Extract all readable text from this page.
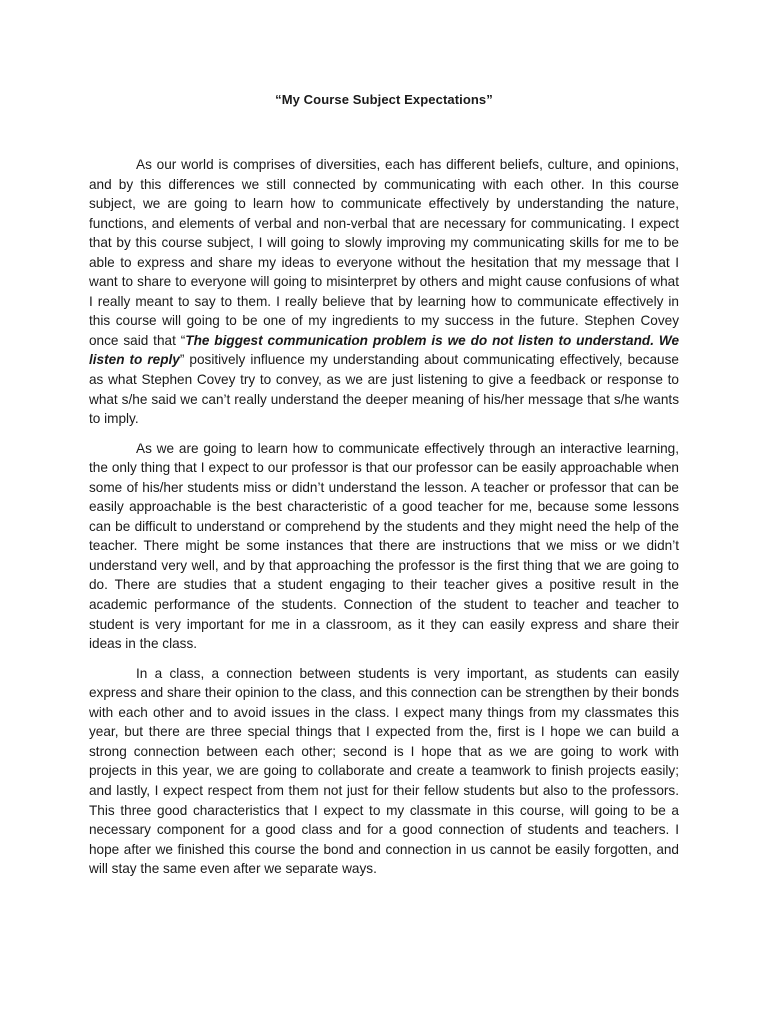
“My Course Subject Expectations”

As our world is comprises of diversities, each has different beliefs, culture, and opinions, and by this differences we still connected by communicating with each other. In this course subject, we are going to learn how to communicate effectively by understanding the nature, functions, and elements of verbal and non-verbal that are necessary for communicating. I expect that by this course subject, I will going to slowly improving my communicating skills for me to be able to express and share my ideas to everyone without the hesitation that my message that I want to share to everyone will going to misinterpret by others and might cause confusions of what I really meant to say to them. I really believe that by learning how to communicate effectively in this course will going to be one of my ingredients to my success in the future. Stephen Covey once said that “The biggest communication problem is we do not listen to understand. We listen to reply” positively influence my understanding about communicating effectively, because as what Stephen Covey try to convey, as we are just listening to give a feedback or response to what s/he said we can’t really understand the deeper meaning of his/her message that s/he wants to imply.

As we are going to learn how to communicate effectively through an interactive learning, the only thing that I expect to our professor is that our professor can be easily approachable when some of his/her students miss or didn’t understand the lesson. A teacher or professor that can be easily approachable is the best characteristic of a good teacher for me, because some lessons can be difficult to understand or comprehend by the students and they might need the help of the teacher. There might be some instances that there are instructions that we miss or we didn’t understand very well, and by that approaching the professor is the first thing that we are going to do. There are studies that a student engaging to their teacher gives a positive result in the academic performance of the students. Connection of the student to teacher and teacher to student is very important for me in a classroom, as it they can easily express and share their ideas in the class.

In a class, a connection between students is very important, as students can easily express and share their opinion to the class, and this connection can be strengthen by their bonds with each other and to avoid issues in the class. I expect many things from my classmates this year, but there are three special things that I expected from the, first is I hope we can build a strong connection between each other; second is I hope that as we are going to work with projects in this year, we are going to collaborate and create a teamwork to finish projects easily; and lastly, I expect respect from them not just for their fellow students but also to the professors. This three good characteristics that I expect to my classmate in this course, will going to be a necessary component for a good class and for a good connection of students and teachers. I hope after we finished this course the bond and connection in us cannot be easily forgotten, and will stay the same even after we separate ways.
